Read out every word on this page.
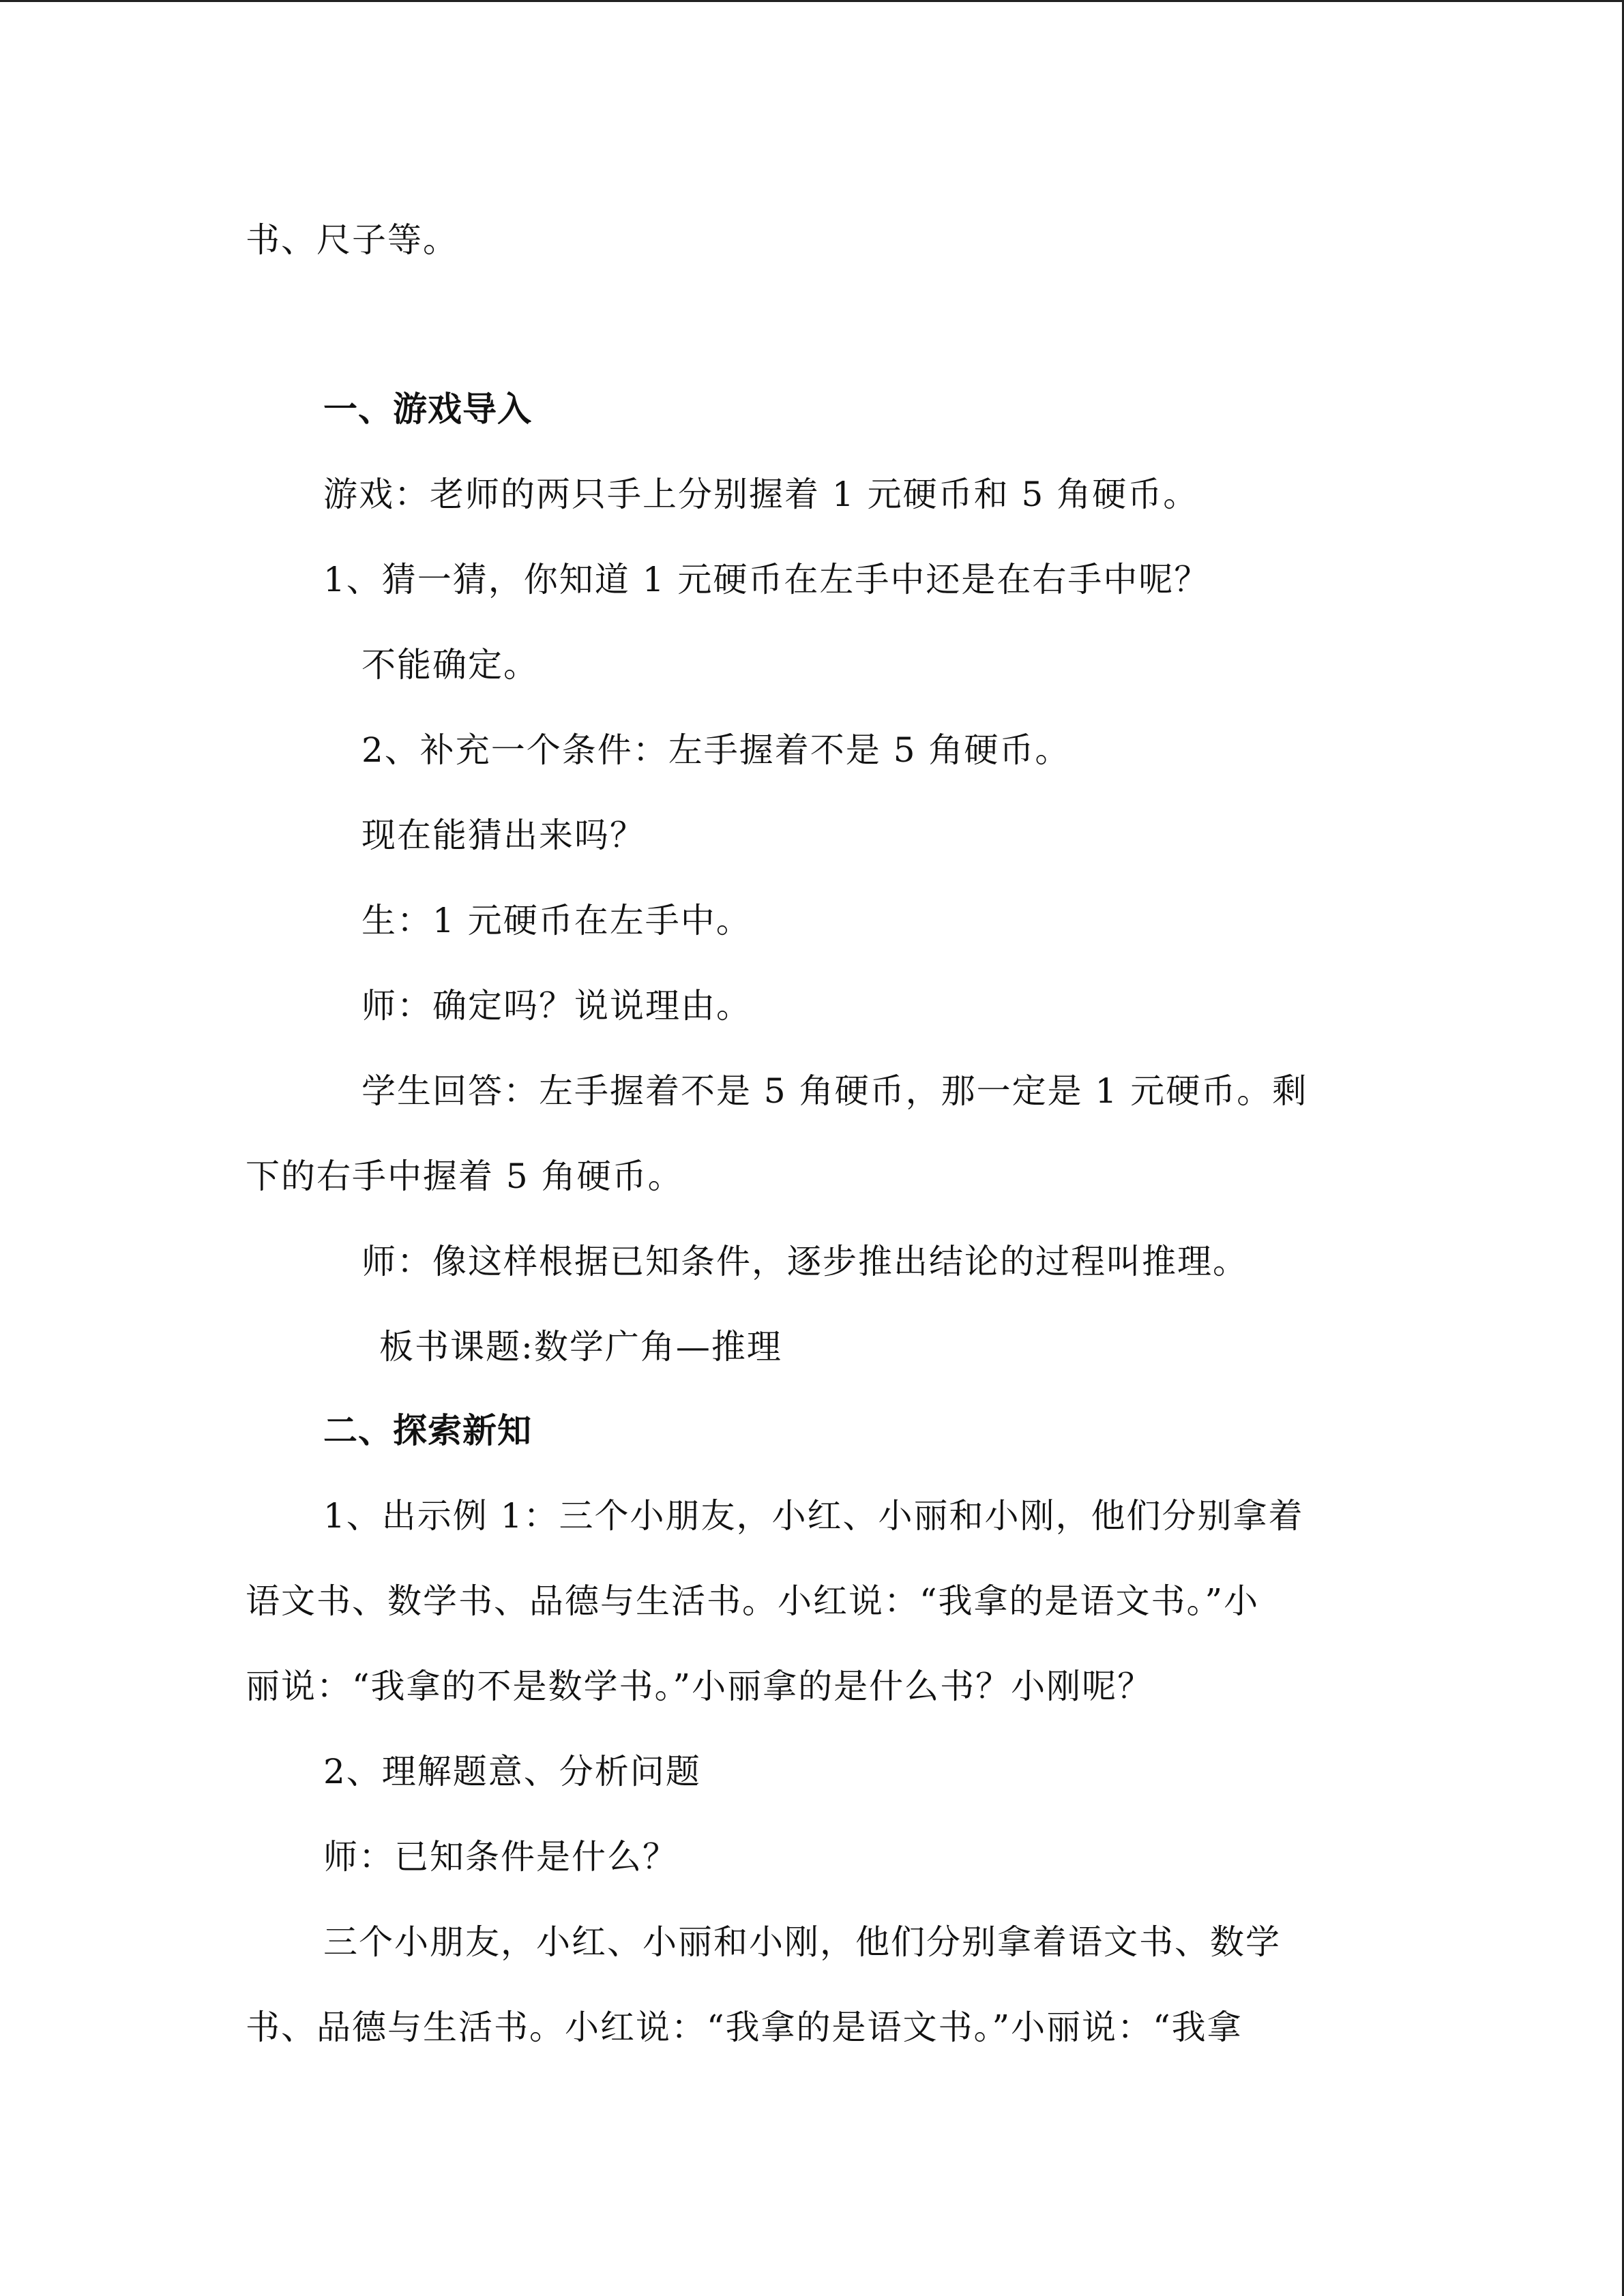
书、尺子等。
一、游戏导入
游戏：老师的两只手上分别握着 1 元硬币和 5 角硬币。
1、猜一猜，你知道 1 元硬币在左手中还是在右手中呢？
不能确定。
2、补充一个条件：左手握着不是 5 角硬币。
现在能猜出来吗？
生：1 元硬币在左手中。
师：确定吗？说说理由。
学生回答：左手握着不是 5 角硬币，那一定是 1 元硬币。剩
下的右手中握着 5 角硬币。
师：像这样根据已知条件，逐步推出结论的过程叫推理。
板书课题:数学广角—推理
二、探索新知
1、出示例 1：三个小朋友，小红、小丽和小刚，他们分别拿着
语文书、数学书、品德与生活书。小红说：“我拿的是语文书。”小
丽说：“我拿的不是数学书。”小丽拿的是什么书？小刚呢？
2、理解题意、分析问题
师：已知条件是什么？
三个小朋友，小红、小丽和小刚，他们分别拿着语文书、数学
书、品德与生活书。小红说：“我拿的是语文书。”小丽说：“我拿
